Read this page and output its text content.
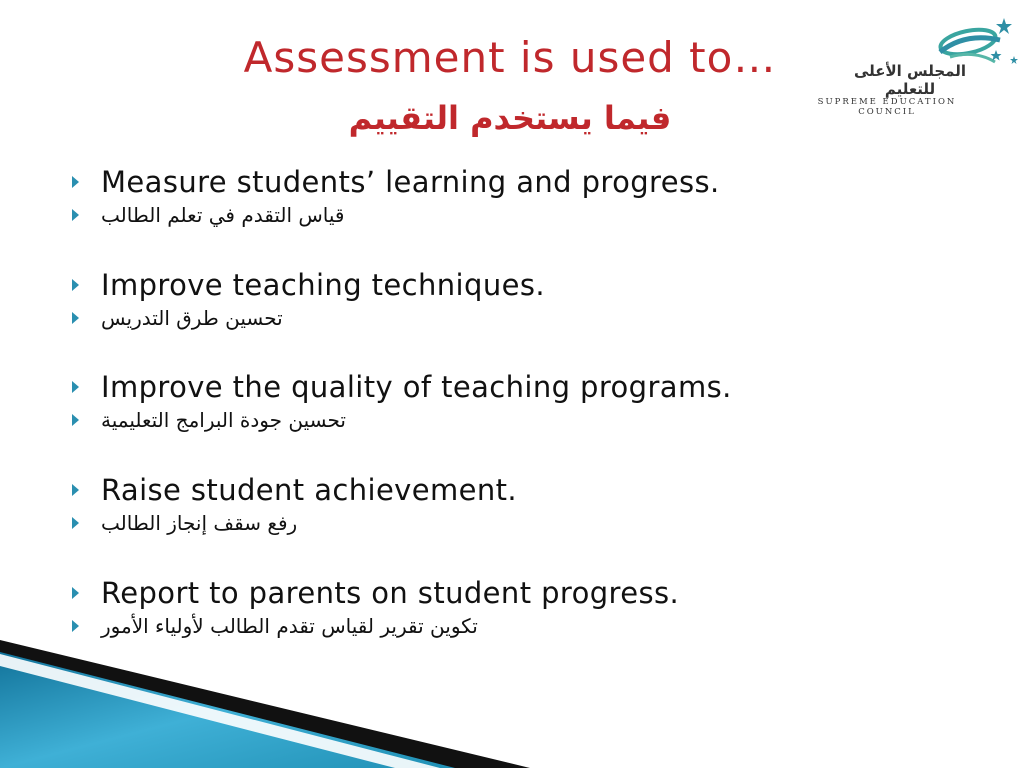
Assessment is used to…
فيما يستخدم التقييم
المجلس الأعلى للتعليم
SUPREME EDUCATION COUNCIL
Measure students’ learning and progress.
قياس التقدم في تعلم الطالب
Improve teaching techniques.
تحسين طرق التدريس
Improve the quality of teaching programs.
تحسين جودة البرامج التعليمية
Raise student achievement.
رفع سقف إنجاز الطالب
Report to parents on student progress.
تكوين تقرير لقياس تقدم الطالب لأولياء الأمور
